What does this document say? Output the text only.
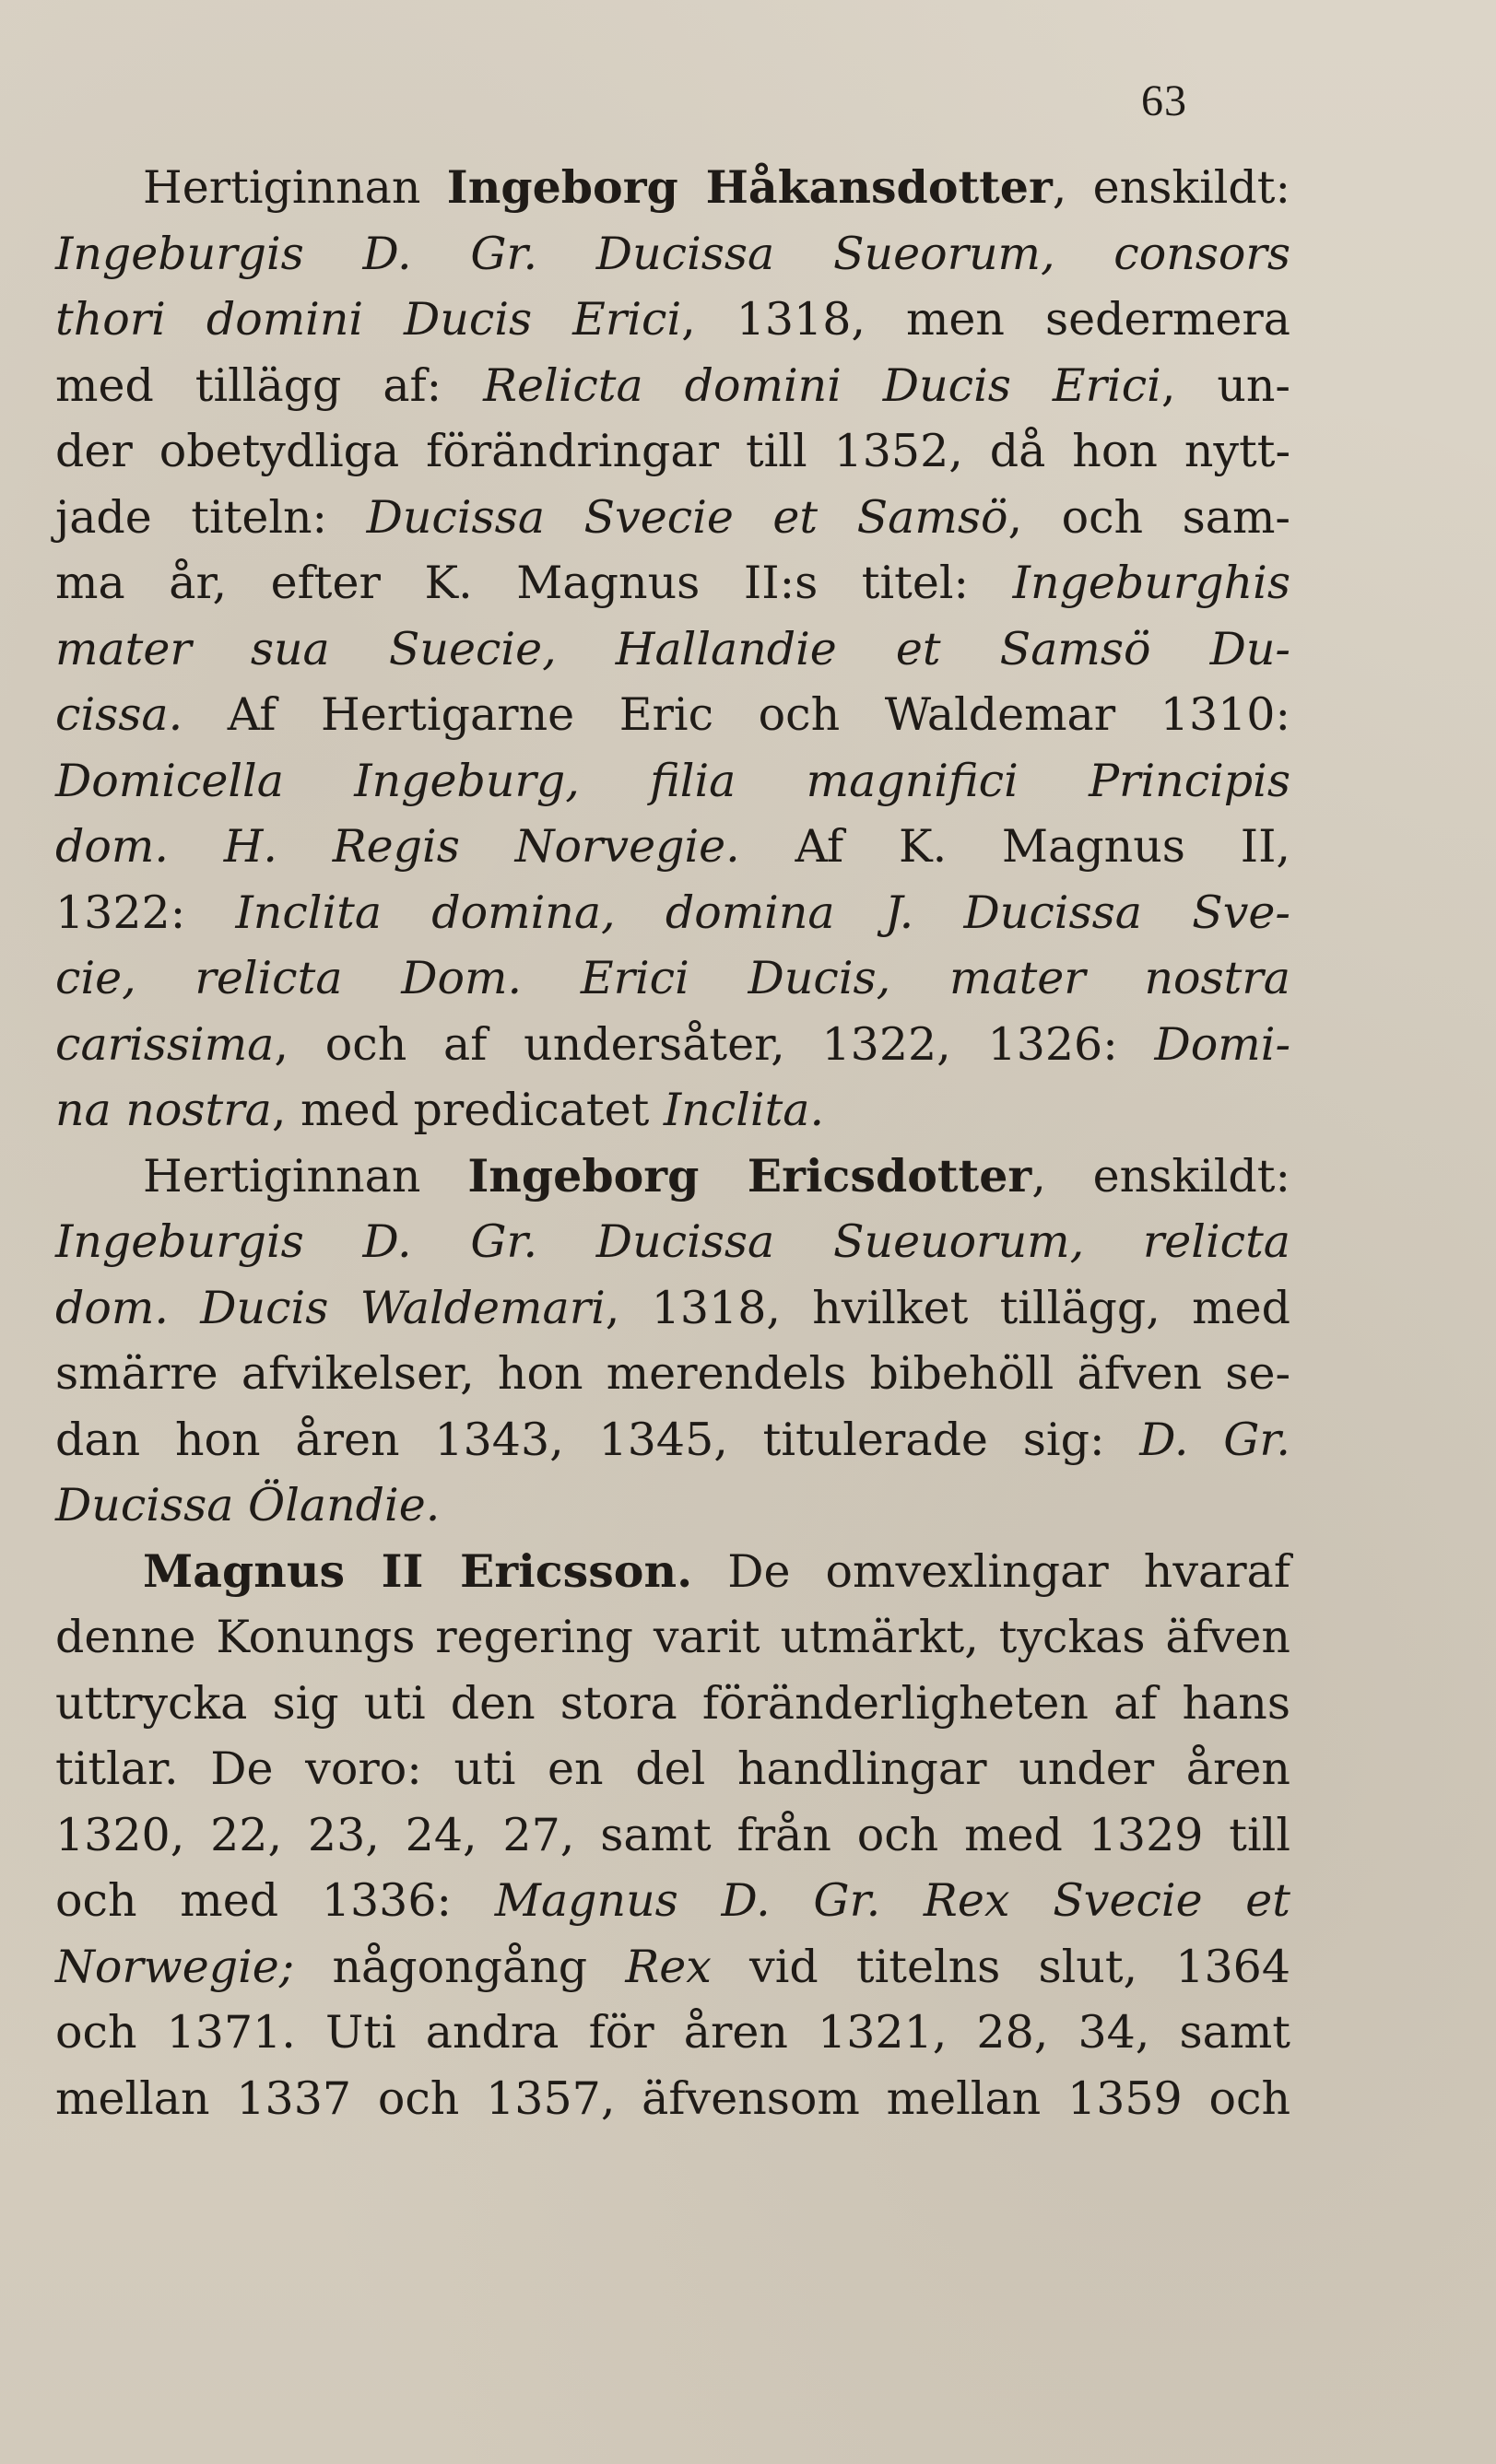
63
Hertiginnan Ingeborg Håkansdotter, enskildt:
Ingeburgis D. Gr. Ducissa Sueorum, consors
thori domini Ducis Erici, 1318, men sedermera
med tillägg af: Relicta domini Ducis Erici, un-
der obetydliga förändringar till 1352, då hon nytt-
jade titeln: Ducissa Svecie et Samsö, och sam-
ma år, efter K. Magnus II:s titel: Ingeburghis
mater sua Suecie, Hallandie et Samsö Du-
cissa. Af Hertigarne Eric och Waldemar 1310:
Domicella Ingeburg, filia magnifici Principis
dom. H. Regis Norvegie. Af K. Magnus II,
1322: Inclita domina, domina J. Ducissa Sve-
cie, relicta Dom. Erici Ducis, mater nostra
carissima, och af undersåter, 1322, 1326: Domi-
na nostra, med predicatet Inclita.
Hertiginnan Ingeborg Ericsdotter, enskildt:
Ingeburgis D. Gr. Ducissa Sueuorum, relicta
dom. Ducis Waldemari, 1318, hvilket tillägg, med
smärre afvikelser, hon merendels bibehöll äfven se-
dan hon åren 1343, 1345, titulerade sig: D. Gr.
Ducissa Ölandie.
Magnus II Ericsson. De omvexlingar hvaraf
denne Konungs regering varit utmärkt, tyckas äfven
uttrycka sig uti den stora föränderligheten af hans
titlar. De voro: uti en del handlingar under åren
1320, 22, 23, 24, 27, samt från och med 1329 till
och med 1336: Magnus D. Gr. Rex Svecie et
Norwegie; någongång Rex vid titelns slut, 1364
och 1371. Uti andra för åren 1321, 28, 34, samt
mellan 1337 och 1357, äfvensom mellan 1359 och
